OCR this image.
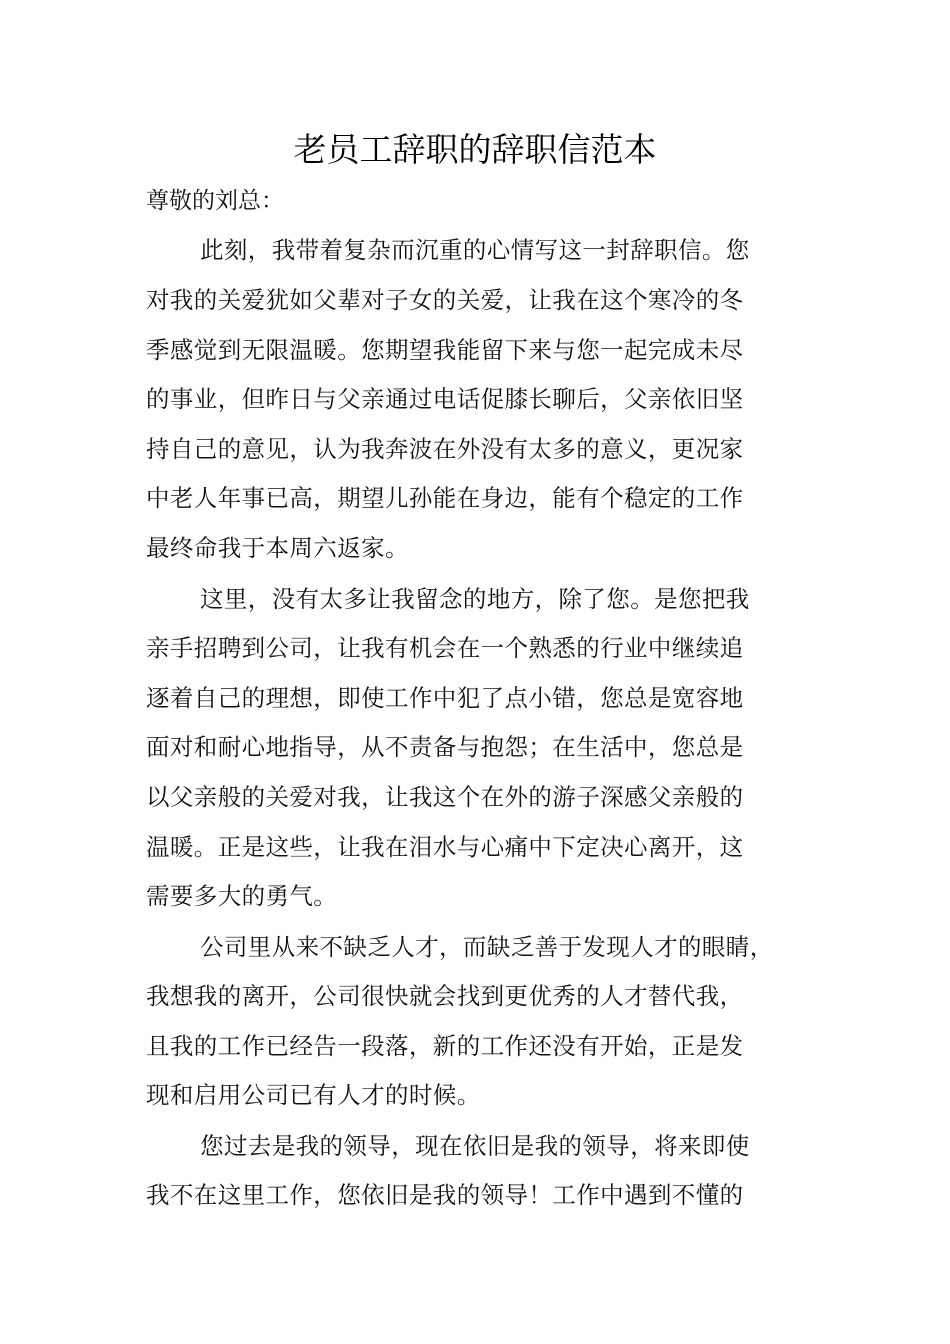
老员工辞职的辞职信范本
尊敬的刘总：
此刻，我带着复杂而沉重的心情写这一封辞职信。您
对我的关爱犹如父辈对子女的关爱，让我在这个寒冷的冬
季感觉到无限温暖。您期望我能留下来与您一起完成未尽
的事业，但昨日与父亲通过电话促膝长聊后，父亲依旧坚
持自己的意见，认为我奔波在外没有太多的意义，更况家
中老人年事已高，期望儿孙能在身边，能有个稳定的工作
最终命我于本周六返家。
这里，没有太多让我留念的地方，除了您。是您把我
亲手招聘到公司，让我有机会在一个熟悉的行业中继续追
逐着自己的理想，即使工作中犯了点小错，您总是宽容地
面对和耐心地指导，从不责备与抱怨；在生活中，您总是
以父亲般的关爱对我，让我这个在外的游子深感父亲般的
温暖。正是这些，让我在泪水与心痛中下定决心离开，这
需要多大的勇气。
公司里从来不缺乏人才，而缺乏善于发现人才的眼睛，
我想我的离开，公司很快就会找到更优秀的人才替代我，
且我的工作已经告一段落，新的工作还没有开始，正是发
现和启用公司已有人才的时候。
您过去是我的领导，现在依旧是我的领导，将来即使
我不在这里工作，您依旧是我的领导！工作中遇到不懂的
